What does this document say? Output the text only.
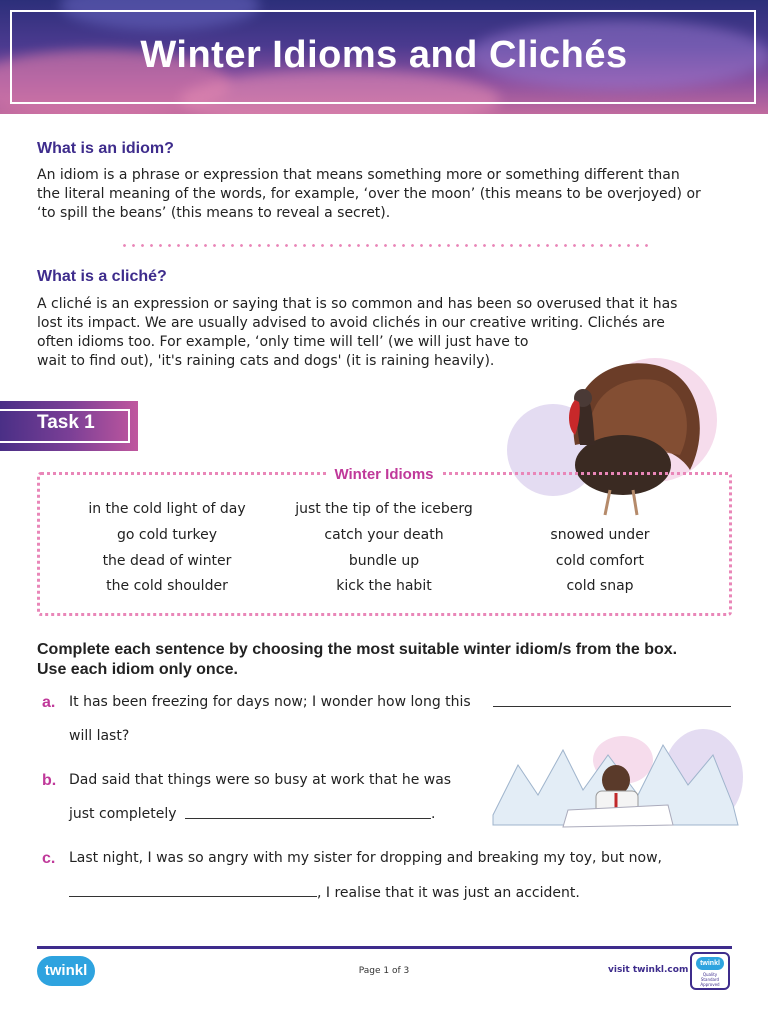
Winter Idioms and Clichés
What is an idiom?
An idiom is a phrase or expression that means something more or something different than
the literal meaning of the words, for example, ‘over the moon’ (this means to be overjoyed) or
‘to spill the beans’ (this means to reveal a secret).
What is a cliché?
A cliché is an expression or saying that is so common and has been so overused that it has
lost its impact. We are usually advised to avoid clichés in our creative writing. Clichés are
often idioms too. For example, ‘only time will tell’ (we will just have to
wait to find out), 'it's raining cats and dogs' (it is raining heavily).
Task 1
Winter Idioms
in the cold light of day
go cold turkey
the dead of winter
the cold shoulder
just the tip of the iceberg
catch your death
bundle up
kick the habit
snowed under
cold comfort
cold snap
Complete each sentence by choosing the most suitable winter idiom/s from the box.
Use each idiom only once.
a. It has been freezing for days now; I wonder how long this
will last?
b. Dad said that things were so busy at work that he was
just completely	.
c. Last night, I was so angry with my sister for dropping and breaking my toy, but now,
, I realise that it was just an accident.
twinkl	Page 1 of 3	visit twinkl.com
twinkl
Quality Standard Approved
